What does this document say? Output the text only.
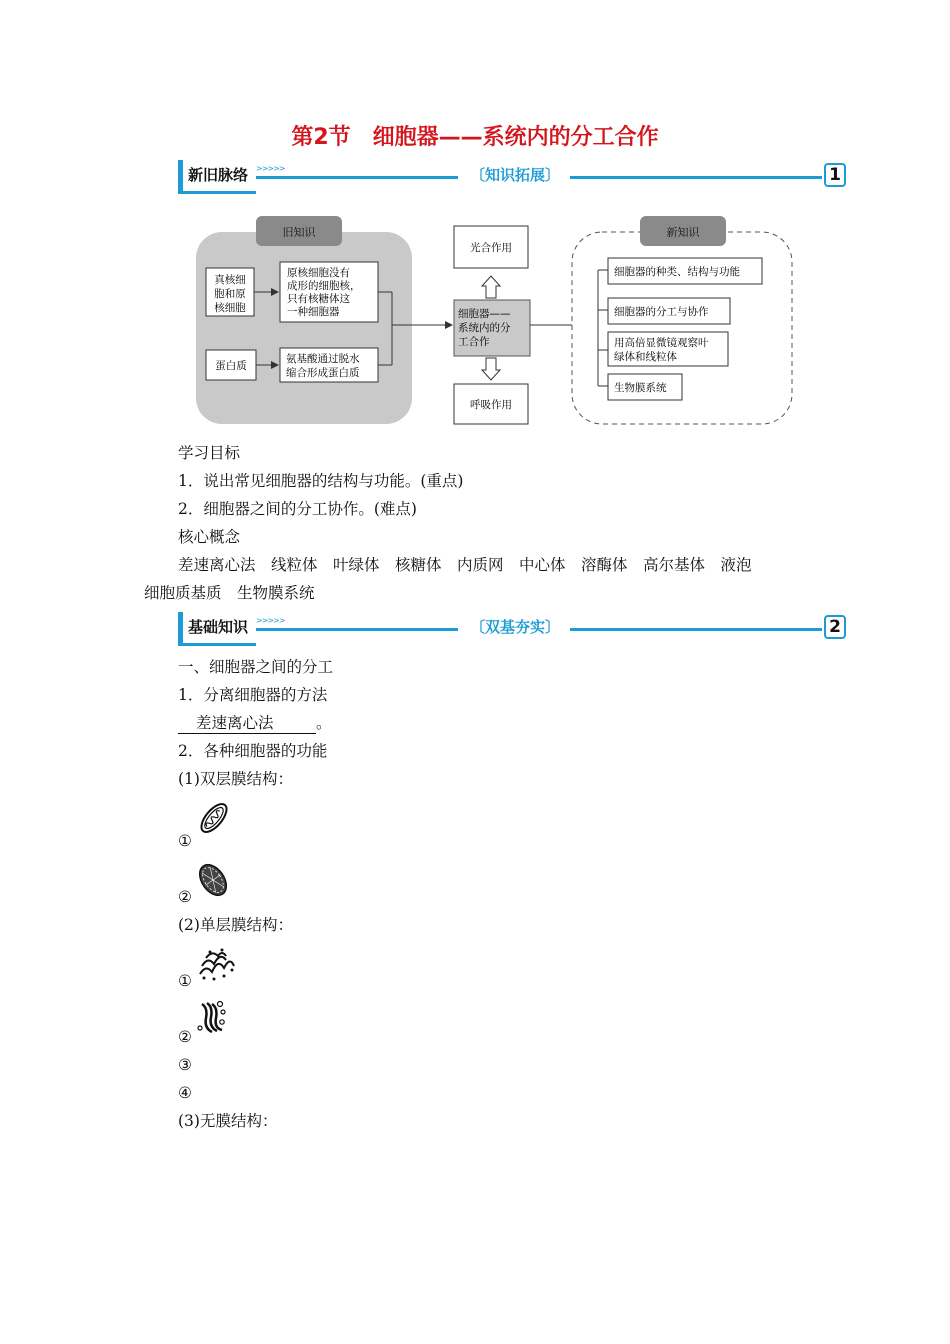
第2节　细胞器——系统内的分工合作
新旧脉络 >>>>>	〔知识拓展〕	1
旧知识
真核细
胞和原
核细胞
原核细胞没有
成形的细胞核，
只有核糖体这
一种细胞器
蛋白质
氨基酸通过脱水
缩合形成蛋白质
细胞器——
系统内的分
工合作
光合作用
呼吸作用
新知识
细胞器的种类、结构与功能
细胞器的分工与协作
用高倍显微镜观察叶
绿体和线粒体
生物膜系统
学习目标
1．说出常见细胞器的结构与功能。(重点)
2．细胞器之间的分工协作。(难点)
核心概念
差速离心法　线粒体　叶绿体　核糖体　内质网　中心体　溶酶体　高尔基体　液泡
细胞质基质　生物膜系统
基础知识 >>>>>	〔双基夯实〕	2
一、细胞器之间的分工
1．分离细胞器的方法
差速离心法	。
2．各种细胞器的功能
(1)双层膜结构：
①
②
(2)单层膜结构：
①
②
③
④
(3)无膜结构：
